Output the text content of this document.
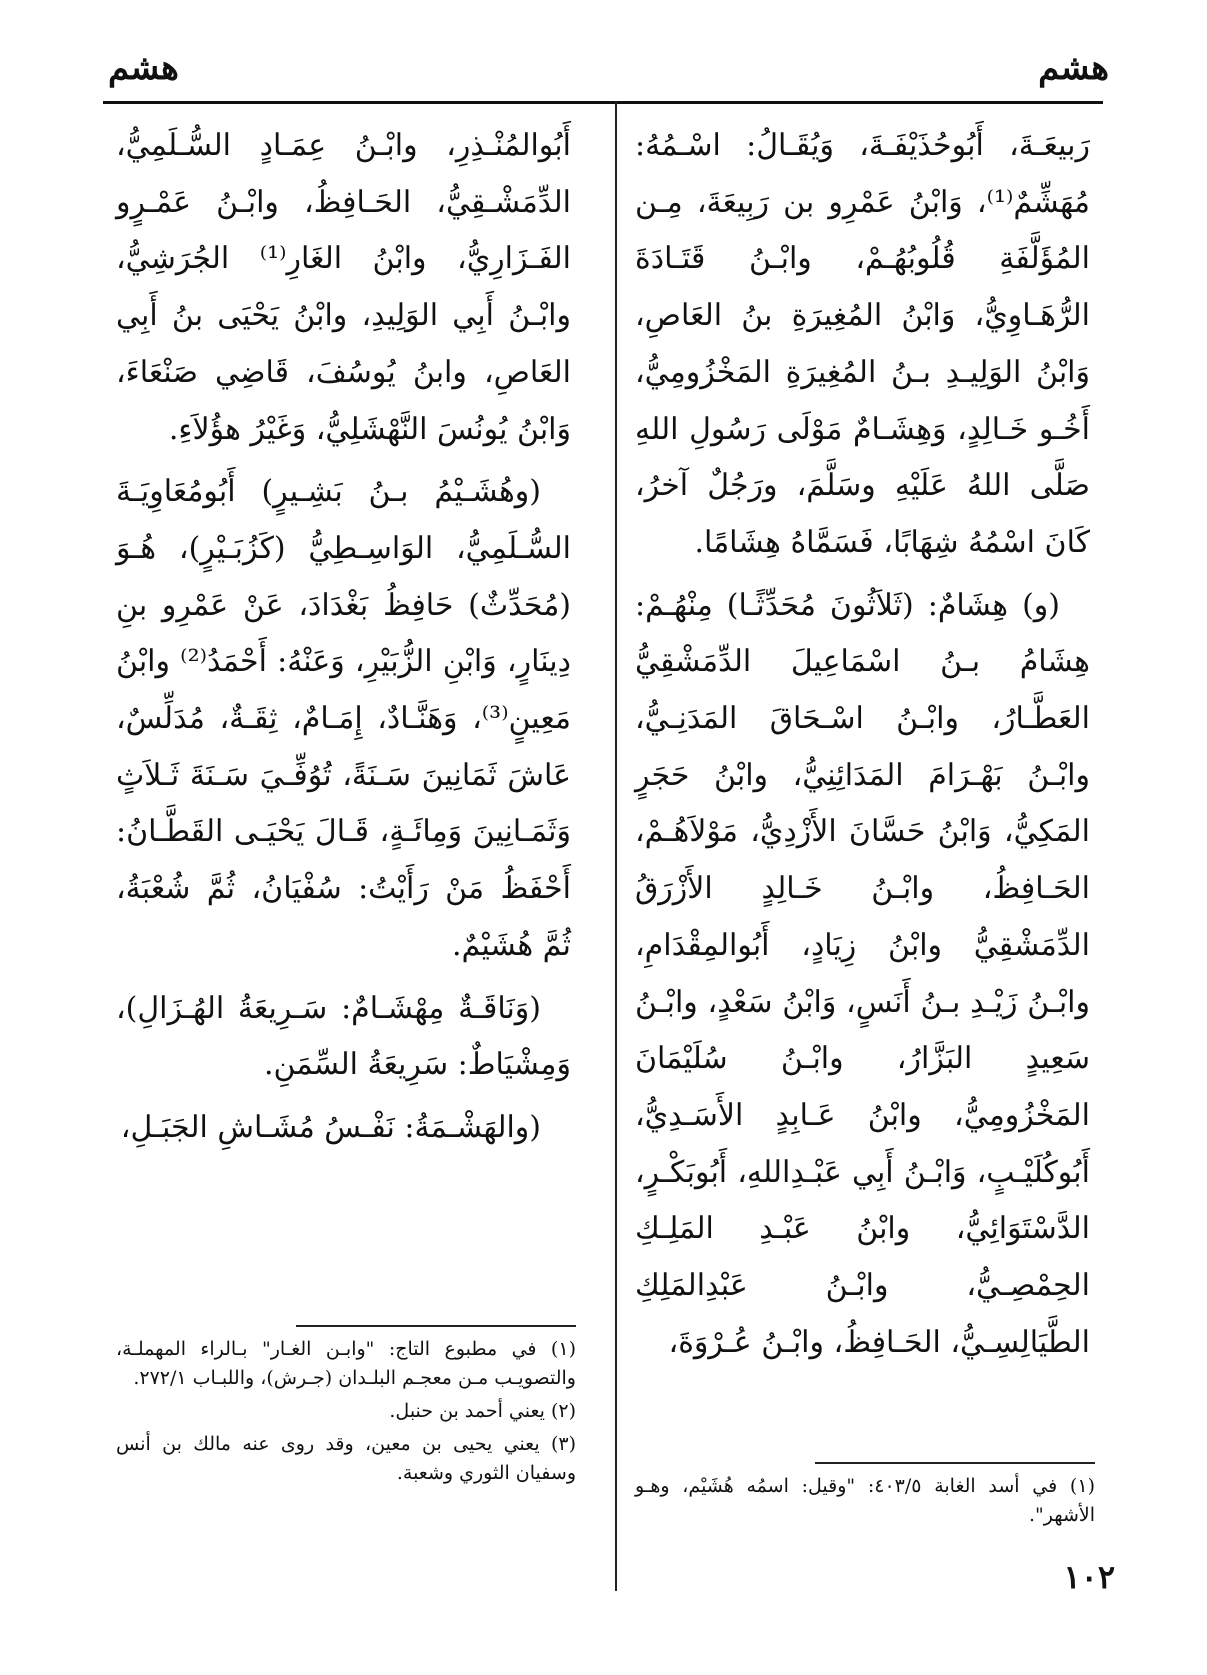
هشم
هشم

رَبيعَـةَ، أَبُوحُذَيْفَـةَ، وَيُقَـالُ: اسْـمُهُ: مُهَشِّمٌ⁽¹⁾، وَابْنُ عَمْرِو بن رَبِيعَةَ، مِـن المُؤَلَّفَةِ قُلُوبُهُـمْ، وابْـنُ قَتَـادَةَ الرُّهَـاوِيُّ، وَابْنُ المُغِيرَةِ بنُ العَاصِ، وَابْنُ الوَلِيـدِ بـنُ المُغِيرَةِ المَخْزُومِيُّ، أَخُـو خَـالِدٍ، وَهِشَـامٌ مَوْلَى رَسُولِ اللهِ صَلَّى اللهُ عَلَيْهِ وسَلَّمَ، ورَجُلٌ آخرُ، كَانَ اسْمُهُ شِهَابًا، فَسَمَّاهُ هِشَامًا.

(و) هِشَامٌ: (ثَلاَثُونَ مُحَدِّثًـا) مِنْهُـمْ: هِشَامُ بـنُ اسْمَاعِيلَ الدِّمَشْقِيُّ العَطَّـارُ، وابْـنُ اسْـحَاقَ المَدَنِـيُّ، وابْـنُ بَهْـرَامَ المَدَائِنِيُّ، وابْنُ حَجَرٍ المَكِيُّ، وَابْنُ حَسَّانَ الأَزْدِيُّ، مَوْلاَهُـمْ، الحَـافِظُ، وابْـنُ خَـالِدٍ الأَزْرَقُ الدِّمَشْقِيُّ وابْنُ زِيَادٍ، أَبُوالمِقْدَامِ، وابْـنُ زَيْـدِ بـنُ أَنَسٍ، وَابْنُ سَعْدٍ، وابْـنُ سَعِيدٍ البَزَّارُ، وابْـنُ سُلَيْمَانَ المَخْزُومِيُّ، وابْنُ عَـابِدٍ الأَسَـدِيُّ، أَبُوكُلَيْـبٍ، وَابْـنُ أَبِي عَبْـدِاللهِ، أَبُوبَكْـرٍ، الدَّسْتَوَائِيُّ، وابْنُ عَبْـدِ المَلِـكِ الحِمْصِـيُّ، وابْـنُ عَبْدِالمَلِكِ الطَّيَالِسِـيُّ، الحَـافِظُ، وابْـنُ عُـرْوَةَ،

(١) في أسد الغابة ٤٠٣/٥: "وقيل: اسمُه هُشَيْم، وهـو الأشهر".

أَبُوالمُنْـذِرِ، وابْـنُ عِمَـادٍ السُّـلَمِيُّ، الدِّمَشْـقِيُّ، الحَـافِظُ، وابْـنُ عَمْـرٍو الفَـزَارِيُّ، وابْنُ الغَارِ⁽¹⁾ الجُرَشِيُّ، وابْـنُ أَبِي الوَلِيدِ، وابْنُ يَحْيَى بنُ أَبِي العَاصِ، وابنُ يُوسُفَ، قَاضِي صَنْعَاءَ، وَابْنُ يُونُسَ النَّهْشَلِيُّ، وَغَيْرُ هؤُلاَءِ.

(وهُشَـيْمُ بـنُ بَشِـيرٍ) أَبُومُعَاوِيَـةَ السُّـلَمِيُّ، الوَاسِـطِيُّ (كَزُبَـيْرٍ)، هُـوَ (مُحَدِّثٌ) حَافِظُ بَغْدَادَ، عَنْ عَمْرِو بنِ دِينَارٍ، وَابْنِ الزُّبَيْرِ، وَعَنْهُ: أَحْمَدُ⁽²⁾ وابْنُ مَعِينٍ⁽³⁾، وَهَنَّـادٌ، إِمَـامٌ، ثِقَـةٌ، مُدَلِّسٌ، عَاشَ ثَمَانِينَ سَـنَةً، تُوُفِّـيَ سَـنَةَ ثَـلاَثٍ وَثَمَـانِينَ وَمِائَـةٍ، قَـالَ يَحْيَـى القَطَّـانُ: أَحْفَظُ مَنْ رَأَيْتُ: سُفْيَانُ، ثُمَّ شُعْبَةُ، ثُمَّ هُشَيْمٌ.

(وَنَاقَـةٌ مِهْشَـامٌ: سَـرِيعَةُ الهُـزَالِ)، وَمِشْيَاطٌ: سَرِيعَةُ السِّمَنِ.

(والهَشْـمَةُ: نَفْـسُ مُشَـاشِ الجَبَـلِ،

(١) في مطبوع التاج: "وابـن الغـار" بـالراء المهملـة، والتصويـب مـن معجـم البلـدان (جـرش)، واللبـاب ٢٧٢/١.

(٢) يعني أحمد بن حنبل.

(٣) يعني يحيى بن معين، وقد روى عنه مالك بن أنس وسفيان الثوري وشعبة.

١٠٢
